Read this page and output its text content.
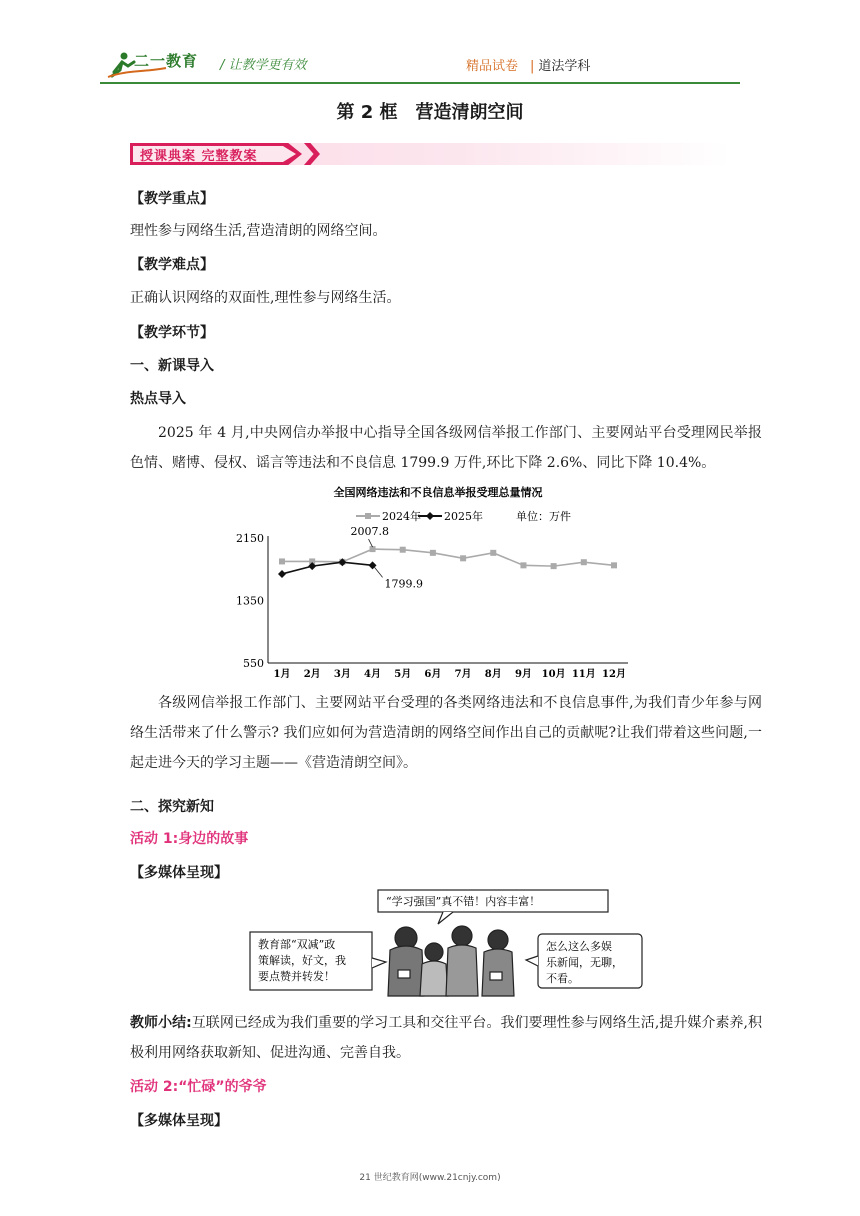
二一教育 / 让教学更有效	精品试卷 | 道法学科
第 2 框　营造清朗空间
授课典案 完整教案
【教学重点】
理性参与网络生活,营造清朗的网络空间。
【教学难点】
正确认识网络的双面性,理性参与网络生活。
【教学环节】
一、新课导入
热点导入
2025 年 4 月,中央网信办举报中心指导全国各级网信举报工作部门、主要网站平台受理网民举报色情、赌博、侵权、谣言等违法和不良信息 1799.9 万件,环比下降 2.6%、同比下降 10.4%。
全国网络违法和不良信息举报受理总量情况
2024年 2025年	单位：万件
550
1350
2150
1月 2月 3月 4月 5月 6月 7月 8月 9月 10月 11月 12月
2007.8
1799.9
各级网信举报工作部门、主要网站平台受理的各类网络违法和不良信息事件,为我们青少年参与网络生活带来了什么警示? 我们应如何为营造清朗的网络空间作出自己的贡献呢?让我们带着这些问题,一起走进今天的学习主题——《营造清朗空间》。
二、探究新知
活动 1:身边的故事
【多媒体呈现】
“学习强国”真不错！内容丰富！
教育部“双减”政
策解读，好文，我
要点赞并转发！
怎么这么多娱
乐新闻，无聊，
不看。
教师小结:互联网已经成为我们重要的学习工具和交往平台。我们要理性参与网络生活,提升媒介素养,积极利用网络获取新知、促进沟通、完善自我。
活动 2:“忙碌”的爷爷
【多媒体呈现】
21 世纪教育网(www.21cnjy.com)
